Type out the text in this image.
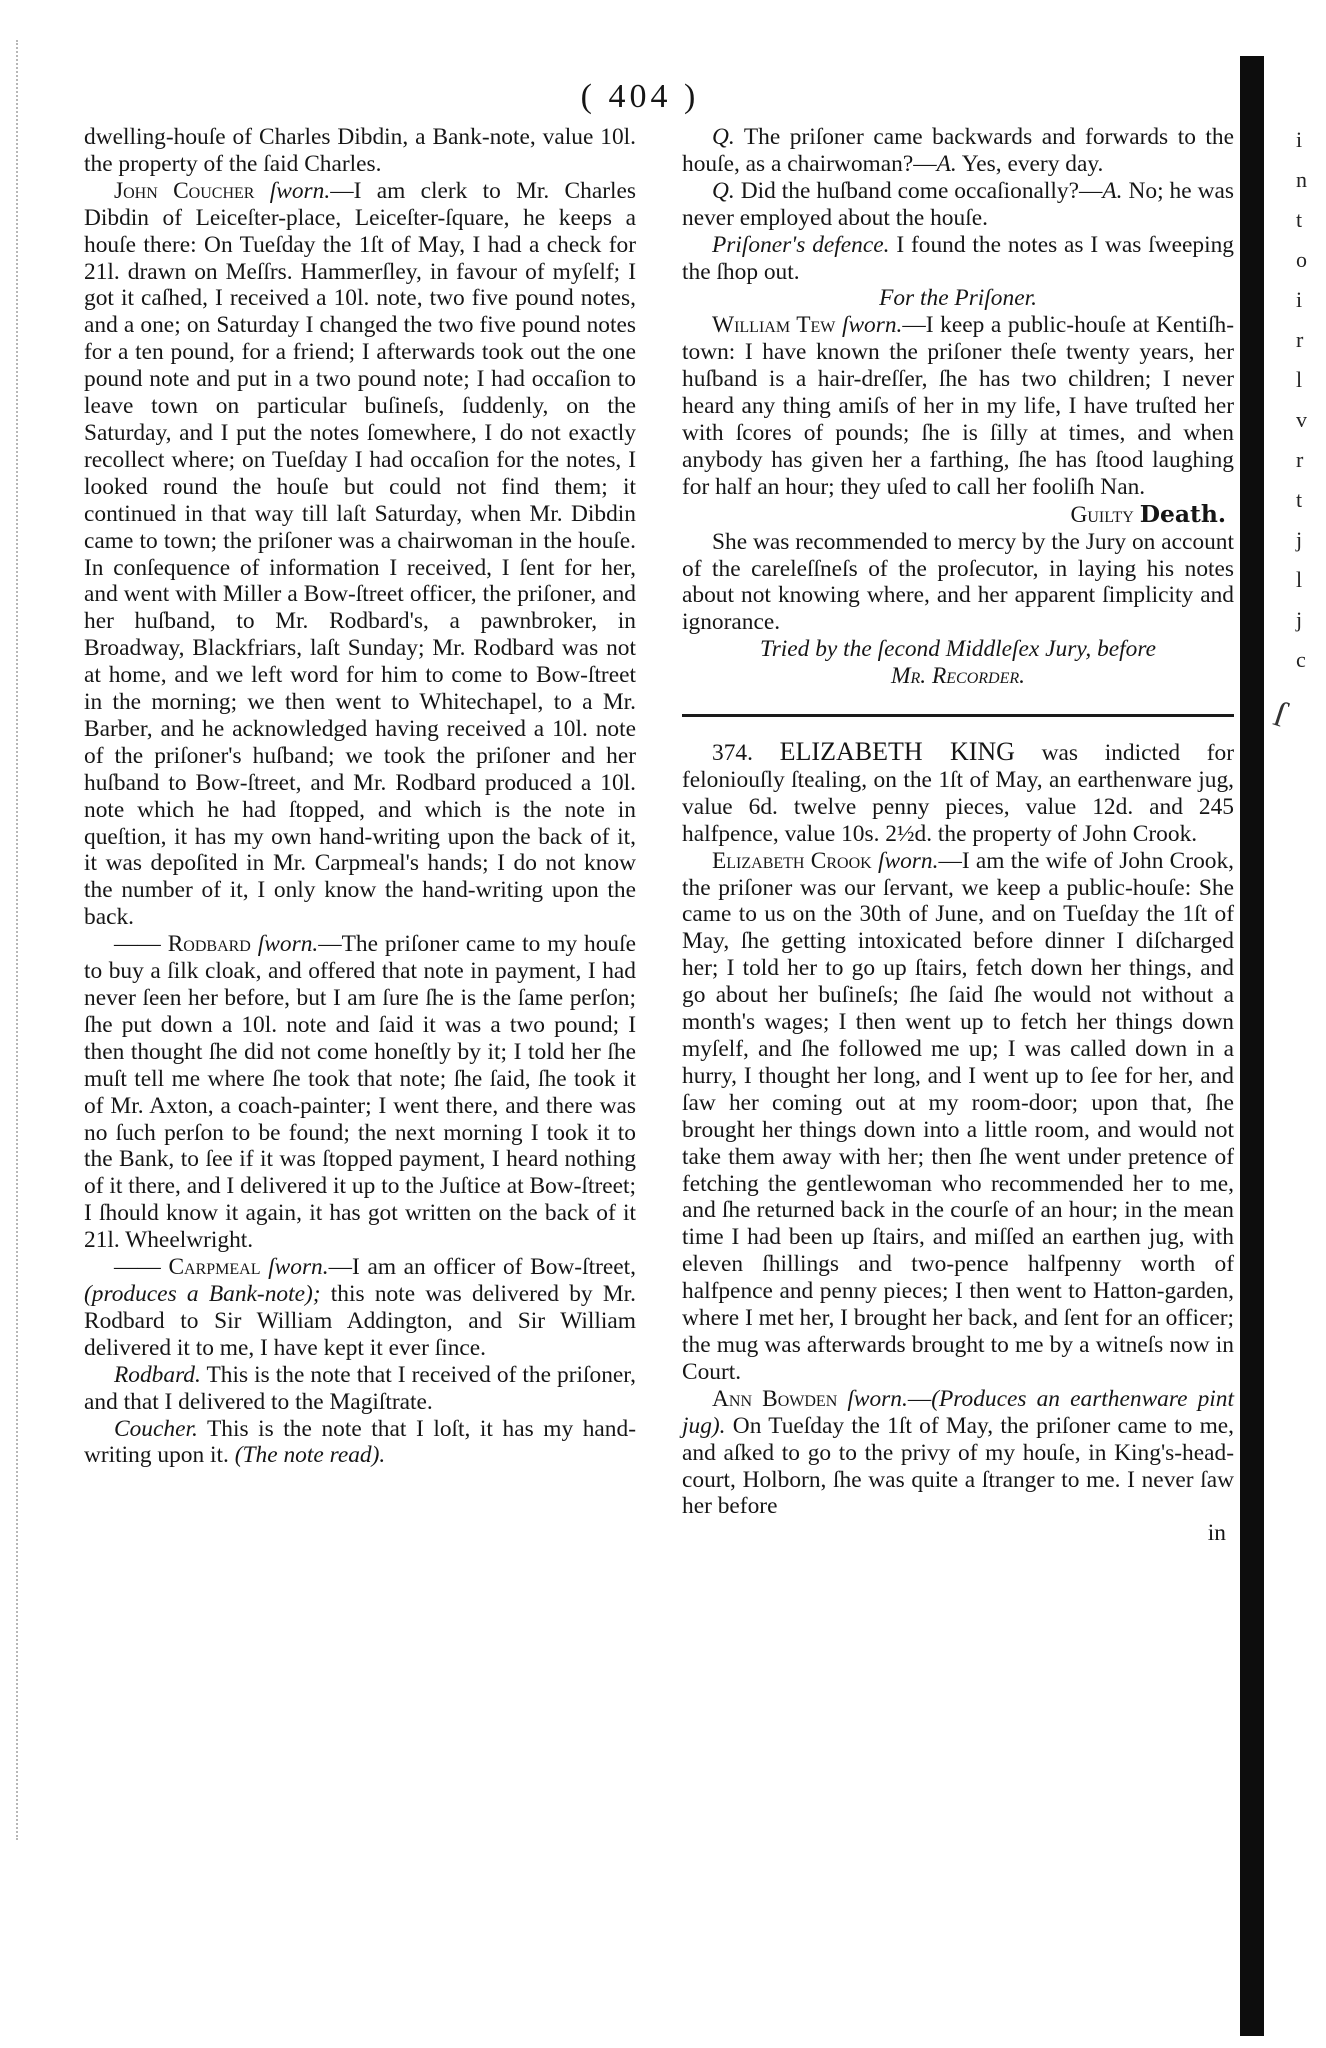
( 404 )

dwelling-houſe of Charles Dibdin, a Bank-note, value 10l. the property of the ſaid Charles.

John Coucher ſworn.—I am clerk to Mr. Charles Dibdin of Leiceſter-place, Leiceſter-ſquare, he keeps a houſe there: On Tueſday the 1ſt of May, I had a check for 21l. drawn on Meſſrs. Hammerſley, in favour of myſelf; I got it caſhed, I received a 10l. note, two five pound notes, and a one; on Saturday I changed the two five pound notes for a ten pound, for a friend; I afterwards took out the one pound note and put in a two pound note; I had occaſion to leave town on particular buſineſs, ſuddenly, on the Saturday, and I put the notes ſomewhere, I do not exactly recollect where; on Tueſday I had occaſion for the notes, I looked round the houſe but could not find them; it continued in that way till laſt Saturday, when Mr. Dibdin came to town; the priſoner was a chairwoman in the houſe. In conſequence of information I received, I ſent for her, and went with Miller a Bow-ſtreet officer, the priſoner, and her huſband, to Mr. Rodbard's, a pawnbroker, in Broadway, Blackfriars, laſt Sunday; Mr. Rodbard was not at home, and we left word for him to come to Bow-ſtreet in the morning; we then went to Whitechapel, to a Mr. Barber, and he acknowledged having received a 10l. note of the priſoner's huſband; we took the priſoner and her huſband to Bow-ſtreet, and Mr. Rodbard produced a 10l. note which he had ſtopped, and which is the note in queſtion, it has my own hand-writing upon the back of it, it was depoſited in Mr. Carpmeal's hands; I do not know the number of it, I only know the hand-writing upon the back.

—— Rodbard ſworn.—The priſoner came to my houſe to buy a ſilk cloak, and offered that note in payment, I had never ſeen her before, but I am ſure ſhe is the ſame perſon; ſhe put down a 10l. note and ſaid it was a two pound; I then thought ſhe did not come honeſtly by it; I told her ſhe muſt tell me where ſhe took that note; ſhe ſaid, ſhe took it of Mr. Axton, a coach-painter; I went there, and there was no ſuch perſon to be found; the next morning I took it to the Bank, to ſee if it was ſtopped payment, I heard nothing of it there, and I delivered it up to the Juſtice at Bow-ſtreet; I ſhould know it again, it has got written on the back of it 21l. Wheelwright.

—— Carpmeal ſworn.—I am an officer of Bow-ſtreet, (produces a Bank-note); this note was delivered by Mr. Rodbard to Sir William Addington, and Sir William delivered it to me, I have kept it ever ſince.

Rodbard. This is the note that I received of the priſoner, and that I delivered to the Magiſtrate.

Coucher. This is the note that I loſt, it has my hand-writing upon it. (The note read).

Q. The priſoner came backwards and forwards to the houſe, as a chairwoman?—A. Yes, every day.

Q. Did the huſband come occaſionally?—A. No; he was never employed about the houſe.

Priſoner's defence. I found the notes as I was ſweeping the ſhop out.

For the Priſoner.

William Tew ſworn.—I keep a public-houſe at Kentiſh-town: I have known the priſoner theſe twenty years, her huſband is a hair-dreſſer, ſhe has two children; I never heard any thing amiſs of her in my life, I have truſted her with ſcores of pounds; ſhe is ſilly at times, and when anybody has given her a farthing, ſhe has ſtood laughing for half an hour; they uſed to call her fooliſh Nan.

Guilty Death.

She was recommended to mercy by the Jury on account of the careleſſneſs of the proſecutor, in laying his notes about not knowing where, and her apparent ſimplicity and ignorance.

Tried by the ſecond Middleſex Jury, before

Mr. Recorder.

374. ELIZABETH KING was indicted for feloniouſly ſtealing, on the 1ſt of May, an earthenware jug, value 6d. twelve penny pieces, value 12d. and 245 halfpence, value 10s. 2½d. the property of John Crook.

Elizabeth Crook ſworn.—I am the wife of John Crook, the priſoner was our ſervant, we keep a public-houſe: She came to us on the 30th of June, and on Tueſday the 1ſt of May, ſhe getting intoxicated before dinner I diſcharged her; I told her to go up ſtairs, fetch down her things, and go about her buſineſs; ſhe ſaid ſhe would not without a month's wages; I then went up to fetch her things down myſelf, and ſhe followed me up; I was called down in a hurry, I thought her long, and I went up to ſee for her, and ſaw her coming out at my room-door; upon that, ſhe brought her things down into a little room, and would not take them away with her; then ſhe went under pretence of fetching the gentlewoman who recommended her to me, and ſhe returned back in the courſe of an hour; in the mean time I had been up ſtairs, and miſſed an earthen jug, with eleven ſhillings and two-pence halfpenny worth of halfpence and penny pieces; I then went to Hatton-garden, where I met her, I brought her back, and ſent for an officer; the mug was afterwards brought to me by a witneſs now in Court.

Ann Bowden ſworn.—(Produces an earthenware pint jug). On Tueſday the 1ſt of May, the priſoner came to me, and aſked to go to the privy of my houſe, in King's-head-court, Holborn, ſhe was quite a ſtranger to me. I never ſaw her before

in

i
n
t
o
i
r
l
v
r
t
j
l
j
c
ſ
